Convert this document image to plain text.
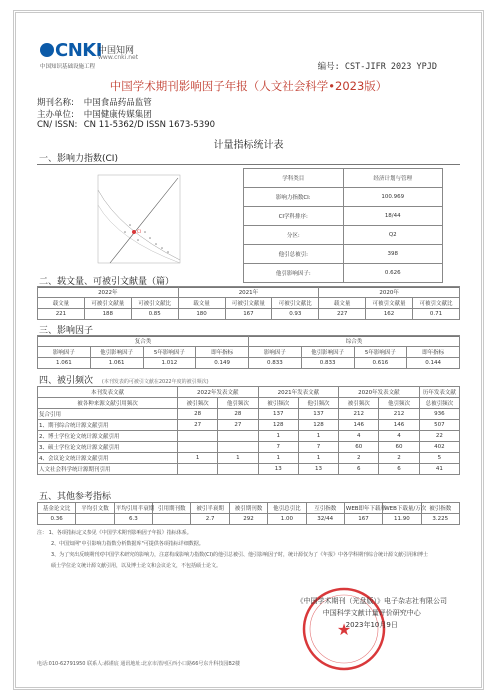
CNKI
中国知网
www.cnki.net
中国知识基础设施工程	编号: CST-JIFR 2023 YPJD
中国学术期刊影响因子年报（人文社会科学•2023版）
期刊名称: 中国食品药品监管
主办单位: 中国健康传媒集团
CN/ ISSN: CN 11-5362/D ISSN 1673-5390
计量指标统计表
一、影响力指数(CI)
CI
学科类目	经济计划与管理
影响力指数CI:	100.969
CI学科排序:	18/44
分区:	Q2
他引总被引:	398
他引影响因子:	0.626
二、载文量、可被引文献量（篇）
2022年			2021年			2020年		
载文量	可被引文献量	可被引文献比	载文量	可被引文献量	可被引文献比	载文量	可被引文献量	可被引文献比
221	188	0.85	180	167	0.93	227	162	0.71
三、影响因子
复合类				综合类			
影响因子	他引影响因子	5年影响因子	即年指标	影响因子	他引影响因子	5年影响因子	即年指标
1.061	1.061	1.012	0.149	0.833	0.833	0.616	0.144
四、被引频次 (本刊发表的可被引文献在2022年度的被引频次)
本刊发表文献	2022年发表文献		2021年发表文献		2020年发表文献		历年发表文献
被各种来源文献引用频次	被引频次	他引频次	被引频次	他引频次	被引频次	他引频次	总被引频次
复合引用	28	28	137	137	212	212	936
1、期刊综合统计源文献引用	27	27	128	128	146	146	507
2、博士学位论文统计源文献引用			1	1	4	4	22
3、硕士学位论文统计源文献引用			7	7	60	60	402
4、会议论文统计源文献引用	1	1	1	1	2	2	5
人文社会科学统计源期刊引用			13	13	6	6	41
五、其他参考指标
基金论文比	平均引文数	平均引用半衰期	引用期刊数	被引半衰期	被引期刊数	他引总引比	互引指数	WEB即年下载率	WEB下载量/万次	被引指数
0.36		6.3		2.7	292	1.00	32/44	167	11.90	3.225
注： 1、各项指标定义参见《中国学术期刊影响因子年报》指标体系。
2、中国知网"中引影响力指数分析数据库"可提供各项指标详细数据。
3、为了突出反映期刊对中国学术研究的影响力，注意构成影响力指数(CI)的他引总被引、他引影响因子时，统计源仅为了《年报》中各学科期刊综合统计源文献引用和博士
硕士学位论文统计源文献引用，以及博士论文和会议论文，不包括硕士论文。
★
《中国学术期刊（光盘版）》电子杂志社有限公司
中国科学文献计量评价研究中心
2023年10月9日
电话:010-62791950 联系人:郝谨宸 通讯地址:北京市清河区西小口路66号东升科技园B2楼
